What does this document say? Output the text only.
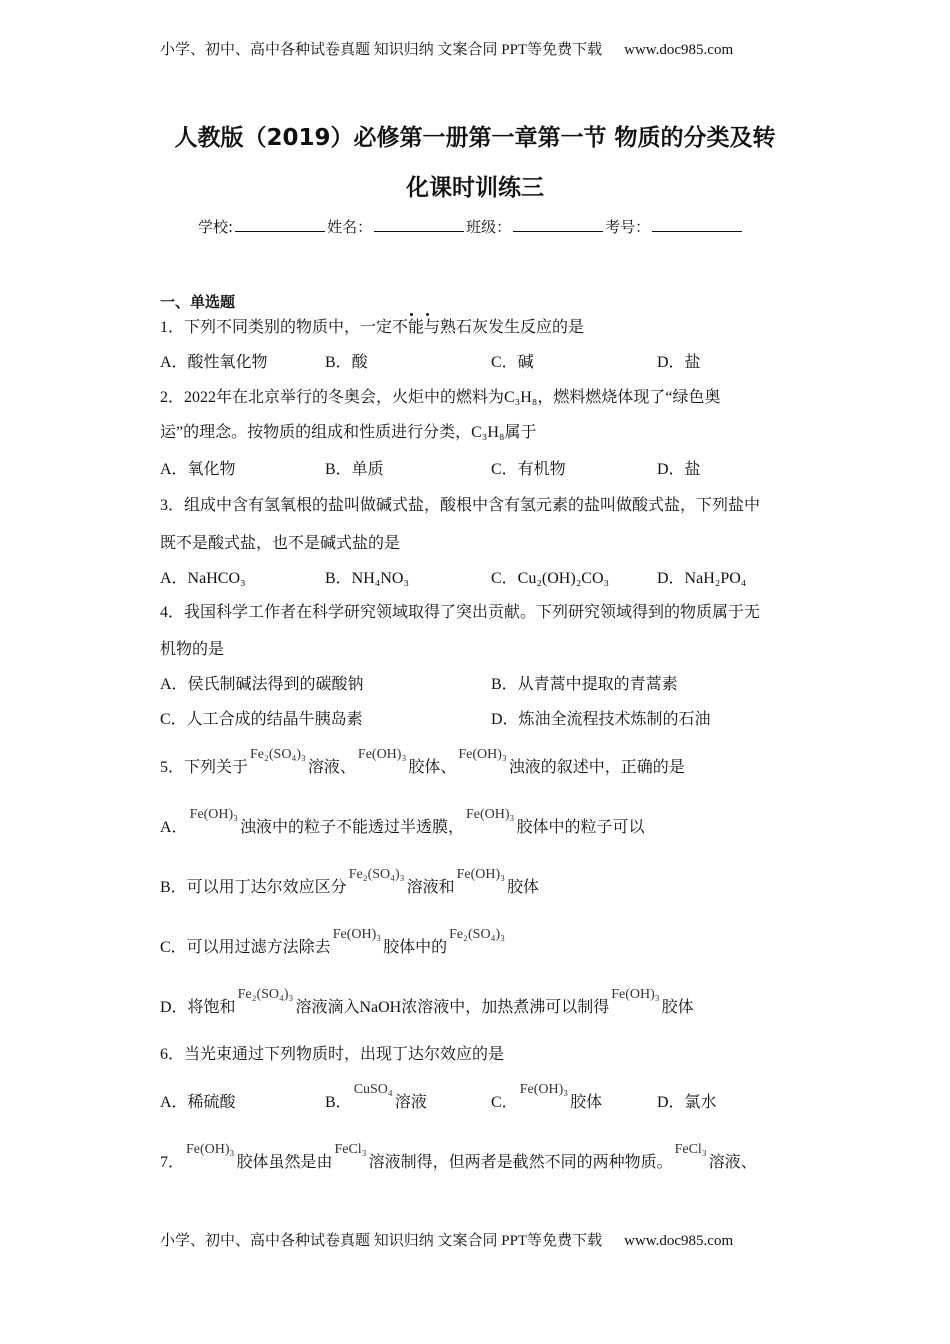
小学、初中、高中各种试卷真题 知识归纳 文案合同 PPT等免费下载 www.doc985.com
人教版（2019）必修第一册第一章第一节 物质的分类及转
化课时训练三
学校:	姓名：	班级：	考号：
一、单选题
1．下列不同类别的物质中，一定不能与熟石灰发生反应的是
A．酸性氧化物	B．酸	C．碱	D．盐
2．2022年在北京举行的冬奥会，火炬中的燃料为C₃H₈，燃料燃烧体现了“绿色奥
运”的理念。按物质的组成和性质进行分类，C₃H₈属于
A．氧化物	B．单质	C．有机物	D．盐
3．组成中含有氢氧根的盐叫做碱式盐，酸根中含有氢元素的盐叫做酸式盐，下列盐中
既不是酸式盐，也不是碱式盐的是
A．NaHCO₃	B．NH₄NO₃	C．Cu₂(OH)₂CO₃	D．NaH₂PO₄
4．我国科学工作者在科学研究领域取得了突出贡献。下列研究领域得到的物质属于无
机物的是
A．侯氏制碱法得到的碳酸钠	B．从青蒿中提取的青蒿素
C．人工合成的结晶牛胰岛素	D．炼油全流程技术炼制的石油
5．下列关于Fe₂(SO₄)₃溶液、Fe(OH)₃胶体、Fe(OH)₃浊液的叙述中，正确的是
A．Fe(OH)₃浊液中的粒子不能透过半透膜，Fe(OH)₃胶体中的粒子可以
B．可以用丁达尔效应区分Fe₂(SO₄)₃溶液和Fe(OH)₃胶体
C．可以用过滤方法除去Fe(OH)₃胶体中的Fe₂(SO₄)₃
D．将饱和Fe₂(SO₄)₃溶液滴入NaOH浓溶液中，加热煮沸可以制得Fe(OH)₃胶体
6．当光束通过下列物质时，出现丁达尔效应的是
A．稀硫酸	B．CuSO₄溶液	C．Fe(OH)₃胶体	D．氯水
7．Fe(OH)₃胶体虽然是由FeCl₃溶液制得，但两者是截然不同的两种物质。FeCl₃溶液、
小学、初中、高中各种试卷真题 知识归纳 文案合同 PPT等免费下载 www.doc985.com
